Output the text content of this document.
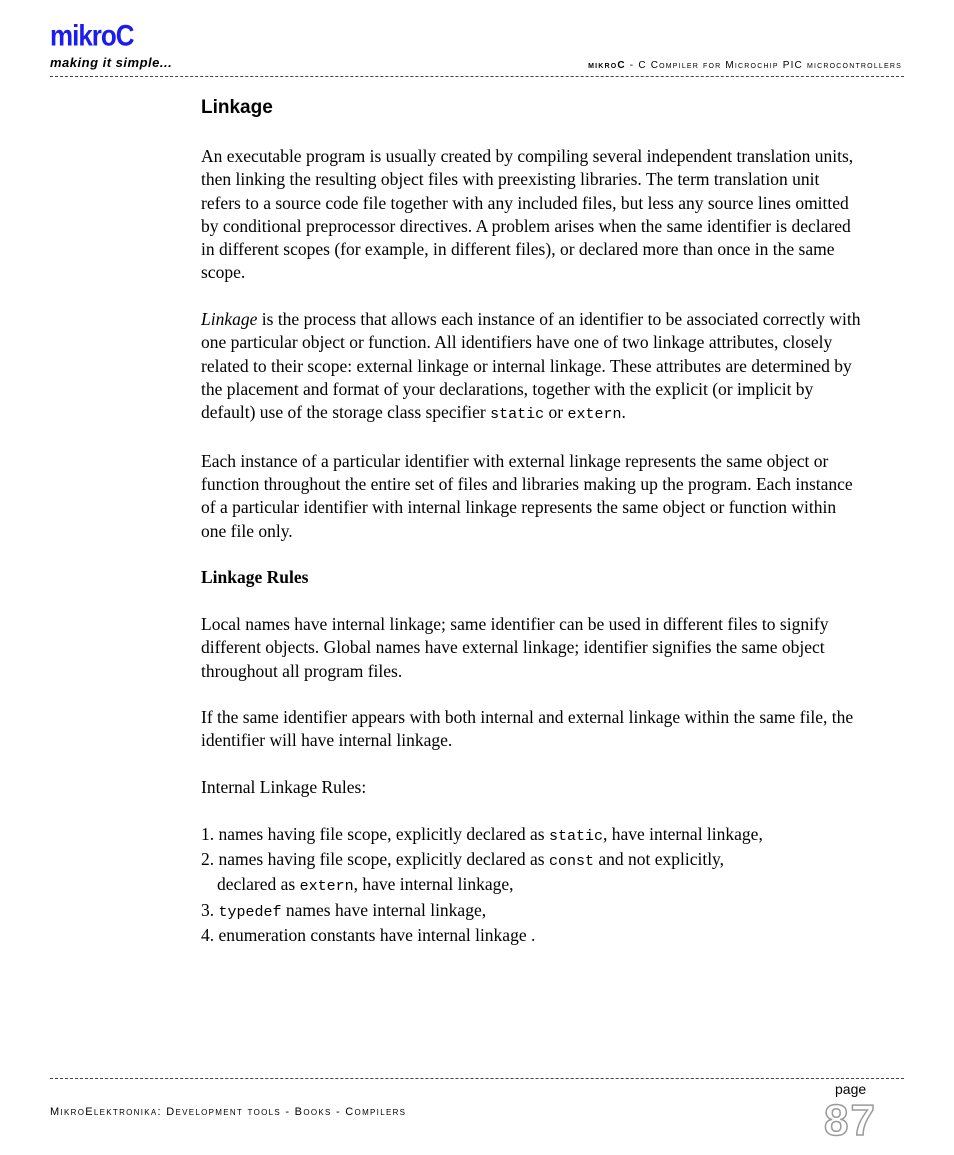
mikroC
making it simple...	mikroC - C Compiler for Microchip PIC microcontrollers
Linkage

An executable program is usually created by compiling several independent translation units, then linking the resulting object files with preexisting libraries. The term translation unit refers to a source code file together with any included files, but less any source lines omitted by conditional preprocessor directives. A problem arises when the same identifier is declared in different scopes (for example, in different files), or declared more than once in the same scope.

Linkage is the process that allows each instance of an identifier to be associated correctly with one particular object or function. All identifiers have one of two linkage attributes, closely related to their scope: external linkage or internal linkage. These attributes are determined by the placement and format of your declarations, together with the explicit (or implicit by default) use of the storage class specifier static or extern.

Each instance of a particular identifier with external linkage represents the same object or function throughout the entire set of files and libraries making up the program. Each instance of a particular identifier with internal linkage represents the same object or function within one file only.

Linkage Rules

Local names have internal linkage; same identifier can be used in different files to signify different objects. Global names have external linkage; identifier signifies the same object throughout all program files.

If the same identifier appears with both internal and external linkage within the same file, the identifier will have internal linkage.

Internal Linkage Rules:

1. names having file scope, explicitly declared as static, have internal linkage,
2. names having file scope, explicitly declared as const and not explicitly,
declared as extern, have internal linkage,
3. typedef names have internal linkage,
4. enumeration constants have internal linkage .
MikroElektronika: Development tools - Books - Compilers
page
87
